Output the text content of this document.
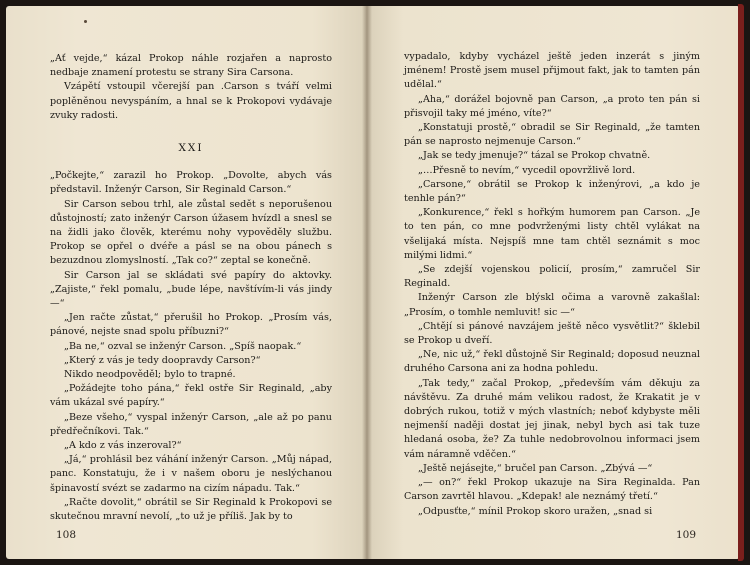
„Ať vejde,“ kázal Prokop náhle rozjařen a naprosto nedbaje znamení protestu se strany Sira Carsona.

Vzápětí vstoupil včerejší pan .Carson s tváří velmi poplěněnou nevyspáním, a hnal se k Prokopovi vydávaje zvuky radosti.

XXI

„Počkejte,“ zarazil ho Prokop. „Dovolte, abych vás představil. Inženýr Carson, Sir Reginald Carson.“

Sir Carson sebou trhl, ale zůstal sedět s neporušenou důstojností; zato inženýr Carson úžasem hvízdl a snesl se na židli jako člověk, kterému nohy vypověděly službu. Prokop se opřel o dvéře a pásl se na obou pánech s bezuzdnou zlomyslností. „Tak co?“ zeptal se konečně.

Sir Carson jal se skládati své papíry do aktovky. „Zajiste,“ řekl pomalu, „bude lépe, navštívím-li vás jindy —“

„Jen račte zůstat,“ přerušil ho Prokop. „Prosím vás, pánové, nejste snad spolu příbuzni?“

„Ba ne,“ ozval se inženýr Carson. „Spíš naopak.“

„Který z vás je tedy doopravdy Carson?“

Nikdo neodpověděl; bylo to trapné.

„Požádejte toho pána,“ řekl ostře Sir Reginald, „aby vám ukázal své papíry.“

„Beze všeho,“ vyspal inženýr Carson, „ale až po panu předřečníkovi. Tak.“

„A kdo z vás inzeroval?“

„Já,“ prohlásil bez váhání inženýr Carson. „Můj nápad, panc. Konstatuju, že i v našem oboru je neslýchanou špinavostí svézt se zadarmo na cizím nápadu. Tak.“

„Račte dovolit,“ obrátil se Sir Reginald k Prokopovi se skutečnou mravní nevolí, „to už je příliš. Jak by to

108

vypadalo, kdyby vycházel ještě jeden inzerát s jiným jménem! Prostě jsem musel přijmout fakt, jak to tamten pán udělal.“

„Aha,“ dorážel bojovně pan Carson, „a proto ten pán si přisvojil taky mé jméno, víte?“

„Konstatuji prostě,“ obradil se Sir Reginald, „že tamten pán se naprosto nejmenuje Carson.“

„Jak se tedy jmenuje?“ tázal se Prokop chvatně.

„…Přesně to nevím,“ vycedil opovržlivě lord.

„Carsone,“ obrátil se Prokop k inženýrovi, „a kdo je tenhle pán?“

„Konkurence,“ řekl s hořkým humorem pan Carson. „Je to ten pán, co mne podvrženými listy chtěl vylákat na všelijaká místa. Nejspíš mne tam chtěl seznámit s moc milými lidmi.“

„Se zdejší vojenskou policií, prosím,“ zamručel Sir Reginald.

Inženýr Carson zle blýskl očima a varovně zakašlal: „Prosím, o tomhle nemluvit! sic —“

„Chtějí si pánové navzájem ještě něco vysvětlit?“ šklebil se Prokop u dveří.

„Ne, nic už,“ řekl důstojně Sir Reginald; doposud neuznal druhého Carsona ani za hodna pohledu.

„Tak tedy,“ začal Prokop, „především vám děkuju za návštěvu. Za druhé mám velikou radost, že Krakatit je v dobrých rukou, totiž v mých vlastních; neboť kdybyste měli nejmenší naději dostat jej jinak, nebyl bych asi tak tuze hledaná osoba, že? Za tuhle nedobrovolnou informaci jsem vám náramně vděčen.“

„Ještě nejásejte,“ bručel pan Carson. „Zbývá —“

„— on?“ řekl Prokop ukazuje na Sira Reginalda. Pan Carson zavrtěl hlavou. „Kdepak! ale neznámý třetí.“

„Odpusťte,“ mínil Prokop skoro uražen, „snad si

109
